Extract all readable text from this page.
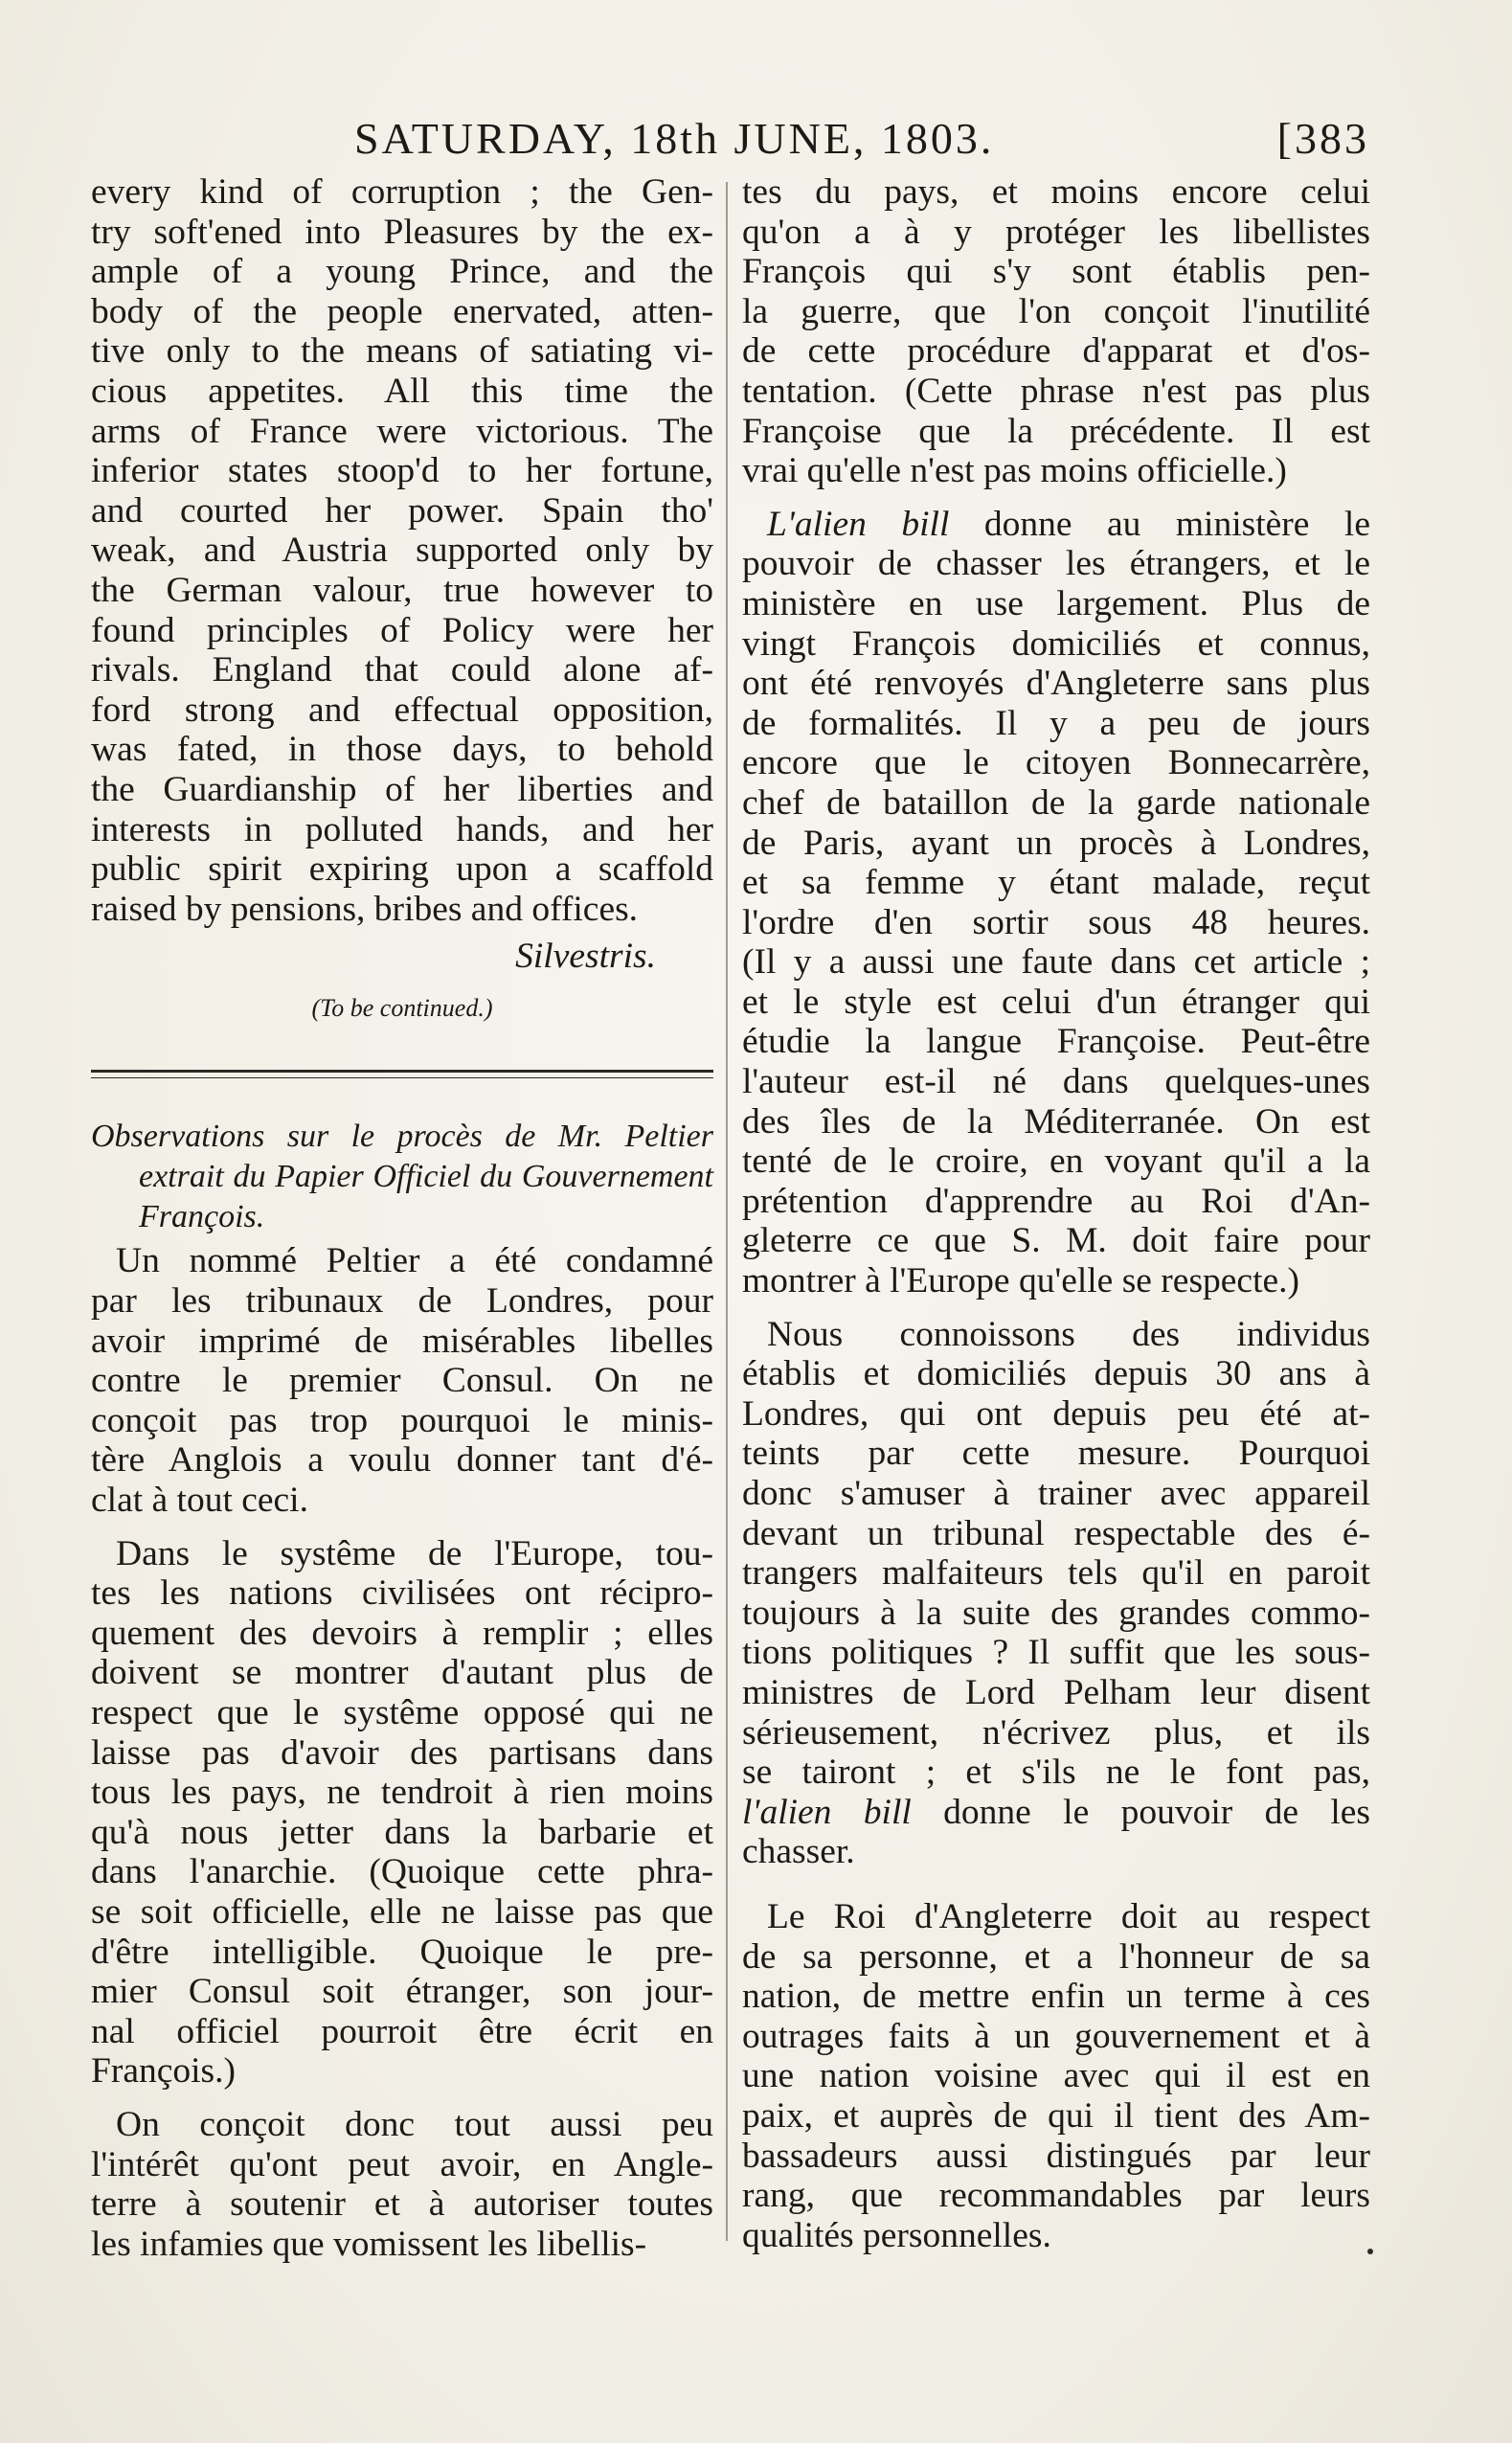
SATURDAY, 18th JUNE, 1803.	[383

every kind of corruption ; the Gen-
try soft'ened into Pleasures by the ex-
ample of a young Prince, and the
body of the people enervated, atten-
tive only to the means of satiating vi-
cious appetites. All this time the
arms of France were victorious. The
inferior states stoop'd to her fortune,
and courted her power. Spain tho'
weak, and Austria supported only by
the German valour, true however to
found principles of Policy were her
rivals. England that could alone af-
ford strong and effectual opposition,
was fated, in those days, to behold
the Guardianship of her liberties and
interests in polluted hands, and her
public spirit expiring upon a scaffold
raised by pensions, bribes and offices.

Silvestris.
(To be continued.)
Observations sur le procès de Mr. Peltier extrait du Papier Officiel du Gouvernement François.

Un nommé Peltier a été condamné
par les tribunaux de Londres, pour
avoir imprimé de misérables libelles
contre le premier Consul. On ne
conçoit pas trop pourquoi le minis-
tère Anglois a voulu donner tant d'é-
clat à tout ceci.

Dans le systême de l'Europe, tou-
tes les nations civilisées ont récipro-
quement des devoirs à remplir ; elles
doivent se montrer d'autant plus de
respect que le systême opposé qui ne
laisse pas d'avoir des partisans dans
tous les pays, ne tendroit à rien moins
qu'à nous jetter dans la barbarie et
dans l'anarchie. (Quoique cette phra-
se soit officielle, elle ne laisse pas que
d'être intelligible. Quoique le pre-
mier Consul soit étranger, son jour-
nal officiel pourroit être écrit en
François.)

On conçoit donc tout aussi peu
l'intérêt qu'ont peut avoir, en Angle-
terre à soutenir et à autoriser toutes
les infamies que vomissent les libellis-

tes du pays, et moins encore celui
qu'on a à y protéger les libellistes
François qui s'y sont établis pen-
la guerre, que l'on conçoit l'inutilité
de cette procédure d'apparat et d'os-
tentation. (Cette phrase n'est pas plus
Françoise que la précédente. Il est
vrai qu'elle n'est pas moins officielle.)

L'alien bill donne au ministère le
pouvoir de chasser les étrangers, et le
ministère en use largement. Plus de
vingt François domiciliés et connus,
ont été renvoyés d'Angleterre sans plus
de formalités. Il y a peu de jours
encore que le citoyen Bonnecarrère,
chef de bataillon de la garde nationale
de Paris, ayant un procès à Londres,
et sa femme y étant malade, reçut
l'ordre d'en sortir sous 48 heures.
(Il y a aussi une faute dans cet article ;
et le style est celui d'un étranger qui
étudie la langue Françoise. Peut-être
l'auteur est-il né dans quelques-unes
des îles de la Méditerranée. On est
tenté de le croire, en voyant qu'il a la
prétention d'apprendre au Roi d'An-
gleterre ce que S. M. doit faire pour
montrer à l'Europe qu'elle se respecte.)

Nous connoissons des individus
établis et domiciliés depuis 30 ans à
Londres, qui ont depuis peu été at-
teints par cette mesure. Pourquoi
donc s'amuser à trainer avec appareil
devant un tribunal respectable des é-
trangers malfaiteurs tels qu'il en paroit
toujours à la suite des grandes commo-
tions politiques ? Il suffit que les sous-
ministres de Lord Pelham leur disent
sérieusement, n'écrivez plus, et ils
se tairont ; et s'ils ne le font pas,
l'alien bill donne le pouvoir de les
chasser.

Le Roi d'Angleterre doit au respect
de sa personne, et a l'honneur de sa
nation, de mettre enfin un terme à ces
outrages faits à un gouvernement et à
une nation voisine avec qui il est en
paix, et auprès de qui il tient des Am-
bassadeurs aussi distingués par leur
rang, que recommandables par leurs
qualités personnelles.
